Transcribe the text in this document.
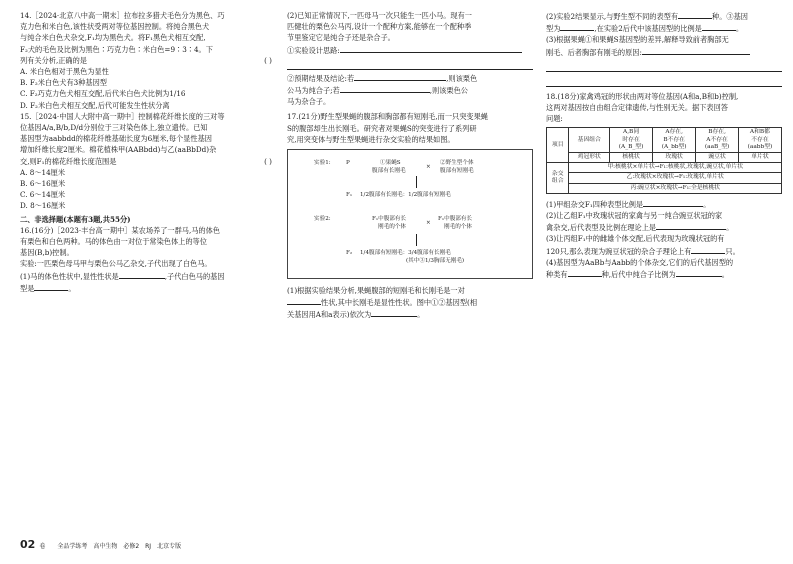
14.［2024·北京八中高一期末］拉布拉多猎犬毛色分为黑色、巧

克力色和米白色,该性状受两对等位基因控制。将纯合黑色犬

与纯合米白色犬杂交,F₁均为黑色犬。将F₁黑色犬相互交配,

F₂犬的毛色及比例为黑色∶巧克力色∶米白色=9∶3∶4。下

列有关分析,正确的是	( )

A. 米白色相对于黑色为显性

B. F₂米白色犬有3种基因型

C. F₂巧克力色犬相互交配,后代米白色犬比例为1/16

D. F₂米白色犬相互交配,后代可能发生性状分离

15.［2024·中国人大附中高一期中］控制棉花纤维长度的三对等

位基因A/a,B/b,D/d分别位于三对染色体上,独立遗传。已知

基因型为aabbdd的棉花纤维基础长度为6厘米,每个显性基因

增加纤维长度2厘米。棉花植株甲(AABbdd)与乙(aaBbDd)杂

交,则F₁的棉花纤维长度范围是	( )

A. 8～14厘米

B. 6～16厘米

C. 6～14厘米

D. 8～16厘米

二、非选择题(本题有3题,共55分)

16.(16分)［2023·丰台高一期中］某农场养了一群马,马的体色

有栗色和白色两种。马的体色由一对位于常染色体上的等位

基因(B,b)控制。

实验:一匹栗色母马甲与栗色公马乙杂交,子代出现了白色马。

(1)马的体色性状中,显性性状是	,子代白色马的基因

型是	。

(2)已知正常情况下,一匹母马一次只能生一匹小马。现有一

匹健壮的栗色公马丙,设计一个配种方案,能够在一个配种季

节里鉴定它是纯合子还是杂合子。

①实验设计思路:

②预期结果及结论:若	,则该栗色

公马为纯合子;若	,则该栗色公

马为杂合子。

17.(21分)野生型果蝇的腹部和胸部都有短刚毛,而一只突变果蝇

S的腹部却生出长刚毛。研究者对果蝇S的突变进行了系列研

究,用突变体与野生型果蝇进行杂交实验的结果如图。

实验1:	P	①果蝇S
腹部有长刚毛
×
②野生型个体
腹部有短刚毛
F₁ 1/2腹部有长刚毛：1/2腹部有短刚毛
实验2:	F₁中腹部有长
刚毛的个体
×
F₁中腹部有长
刚毛的个体
F₂ 1/4腹部有短刚毛：3/4腹部有长刚毛
(其中③1/3胸部无刚毛)

(1)根据实验结果分析,果蝇腹部的短刚毛和长刚毛是一对

性状,其中长刚毛是显性性状。图中①②基因型(相

关基因用A和a表示)依次为	。

(2)实验2结果显示,与野生型不同的表型有	种。③基因

型为	,在实验2后代中该基因型的比例是	。

(3)根据果蝇①和果蝇S基因型的差异,解释导致前者胸部无

刚毛、后者胸部有刚毛的原因:

18.(18分)家禽鸡冠的形状由两对等位基因(A和a,B和b)控制,

这两对基因按自由组合定律遗传,与性别无关。据下表回答

问题:

项目	基因组合	A,B同
时存在
(A_B_型)	A存在,
B不存在
(A_bb型)	B存在,
A不存在
(aaB_型)	A和B都
不存在
(aabb型)
	鸡冠形状	核桃状	玫瑰状	豌豆状	单片状
杂交
组合	甲:核桃状×单片状→F₁:核桃状,玫瑰状,豌豆状,单片状				
	乙:玫瑰状×玫瑰状→F₁:玫瑰状,单片状				
	丙:豌豆状×玫瑰状→F₁:全是核桃状				

(1)甲组杂交F₁四种表型比例是	。

(2)让乙组F₁中玫瑰状冠的家禽与另一纯合豌豆状冠的家

禽杂交,后代表型及比例在理论上是	。

(3)让丙组F₁中的雌雄个体交配,后代表现为玫瑰状冠的有

120只,那么表现为豌豆状冠的杂合子理论上有	只。

(4)基因型为AaBb与Aabb的个体杂交,它们的后代基因型的

种类有	种,后代中纯合子比例为	。

02 卷　　全品学练考　高中生物　必修2　RJ　北京专版
